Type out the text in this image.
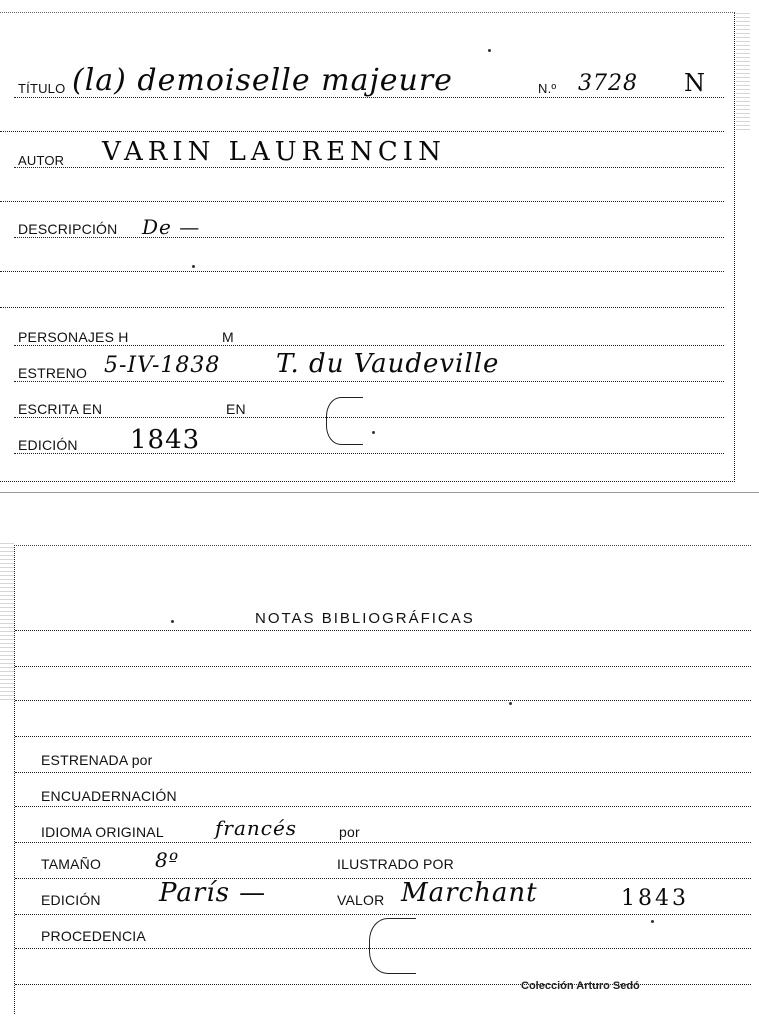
TÍTULO (la) demoiselle majeure	N.º 3728 N
AUTOR VARIN LAURENCIN
DESCRIPCIÓN De —
PERSONAJES H	M
ESTRENO 5-IV-1838 T. du Vaudeville
ESCRITA EN	EN
EDICIÓN 1843
NOTAS BIBLIOGRÁFICAS
ESTRENADA por
ENCUADERNACIÓN
IDIOMA ORIGINAL	francés	por
TAMAÑO	8º	ILUSTRADO POR
EDICIÓN París —	VALOR Marchant	1843
PROCEDENCIA
Colección Arturo Sedó
